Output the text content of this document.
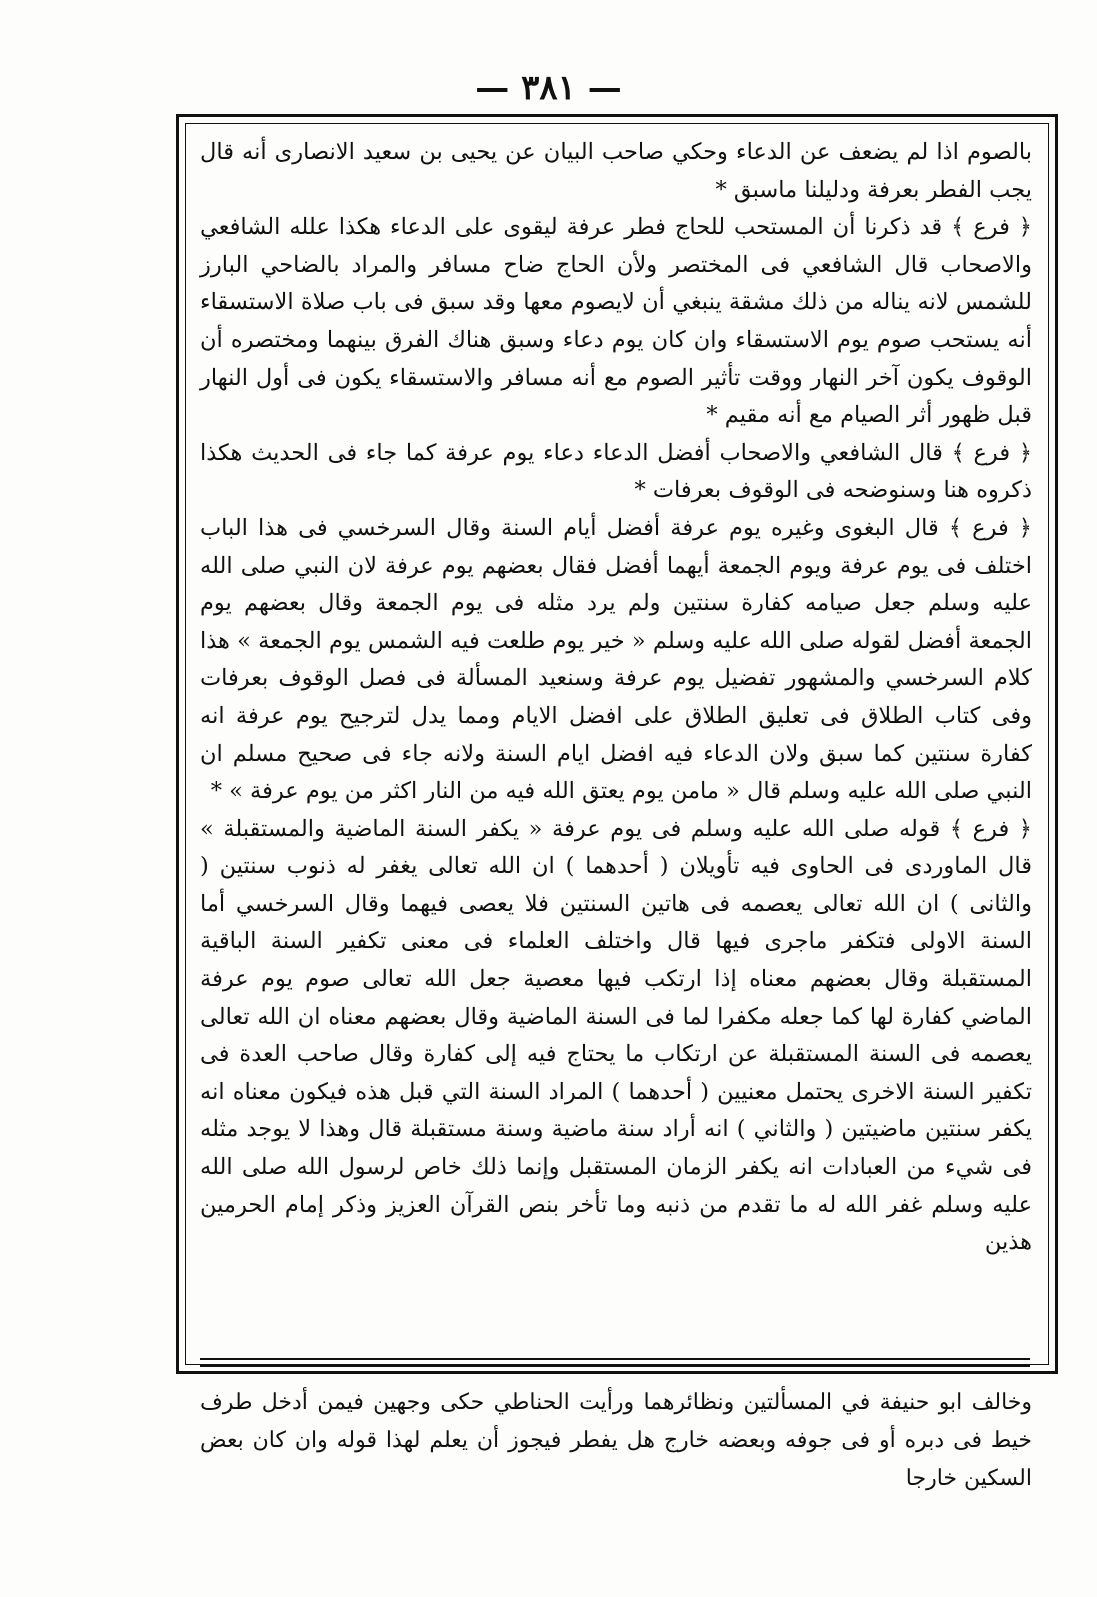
— ٣٨١ —

بالصوم اذا لم يضعف عن الدعاء وحكي صاحب البيان عن يحيى بن سعيد الانصارى أنه قال يجب الفطر بعرفة ودليلنا ماسبق *

﴿ فرع ﴾ قد ذكرنا أن المستحب للحاج فطر عرفة ليقوى على الدعاء هكذا علله الشافعي والاصحاب قال الشافعي فى المختصر ولأن الحاج ضاح مسافر والمراد بالضاحي البارز للشمس لانه يناله من ذلك مشقة ينبغي أن لايصوم معها وقد سبق فى باب صلاة الاستسقاء أنه يستحب صوم يوم الاستسقاء وان كان يوم دعاء وسبق هناك الفرق بينهما ومختصره أن الوقوف يكون آخر النهار ووقت تأثير الصوم مع أنه مسافر والاستسقاء يكون فى أول النهار قبل ظهور أثر الصيام مع أنه مقيم *

﴿ فرع ﴾ قال الشافعي والاصحاب أفضل الدعاء دعاء يوم عرفة كما جاء فى الحديث هكذا ذكروه هنا وسنوضحه فى الوقوف بعرفات *

﴿ فرع ﴾ قال البغوى وغيره يوم عرفة أفضل أيام السنة وقال السرخسي فى هذا الباب اختلف فى يوم عرفة ويوم الجمعة أيهما أفضل فقال بعضهم يوم عرفة لان النبي صلى الله عليه وسلم جعل صيامه كفارة سنتين ولم يرد مثله فى يوم الجمعة وقال بعضهم يوم الجمعة أفضل لقوله صلى الله عليه وسلم « خير يوم طلعت فيه الشمس يوم الجمعة » هذا كلام السرخسي والمشهور تفضيل يوم عرفة وسنعيد المسألة فى فصل الوقوف بعرفات وفى كتاب الطلاق فى تعليق الطلاق على افضل الايام ومما يدل لترجيح يوم عرفة انه كفارة سنتين كما سبق ولان الدعاء فيه افضل ايام السنة ولانه جاء فى صحيح مسلم ان النبي صلى الله عليه وسلم قال « مامن يوم يعتق الله فيه من النار اكثر من يوم عرفة » *

﴿ فرع ﴾ قوله صلى الله عليه وسلم فى يوم عرفة « يكفر السنة الماضية والمستقبلة » قال الماوردى فى الحاوى فيه تأويلان ( أحدهما ) ان الله تعالى يغفر له ذنوب سنتين ( والثانى ) ان الله تعالى يعصمه فى هاتين السنتين فلا يعصى فيهما وقال السرخسي أما السنة الاولى فتكفر ماجرى فيها قال واختلف العلماء فى معنى تكفير السنة الباقية المستقبلة وقال بعضهم معناه إذا ارتكب فيها معصية جعل الله تعالى صوم يوم عرفة الماضي كفارة لها كما جعله مكفرا لما فى السنة الماضية وقال بعضهم معناه ان الله تعالى يعصمه فى السنة المستقبلة عن ارتكاب ما يحتاج فيه إلى كفارة وقال صاحب العدة فى تكفير السنة الاخرى يحتمل معنيين ( أحدهما ) المراد السنة التي قبل هذه فيكون معناه انه يكفر سنتين ماضيتين ( والثاني ) انه أراد سنة ماضية وسنة مستقبلة قال وهذا لا يوجد مثله فى شيء من العبادات انه يكفر الزمان المستقبل وإنما ذلك خاص لرسول الله صلى الله عليه وسلم غفر الله له ما تقدم من ذنبه وما تأخر بنص القرآن العزيز وذكر إمام الحرمين هذين

وخالف ابو حنيفة في المسألتين ونظائرهما ورأيت الحناطي حكى وجهين فيمن أدخل طرف خيط فى دبره أو فى جوفه وبعضه خارج هل يفطر فيجوز أن يعلم لهذا قوله وان كان بعض السكين خارجا
